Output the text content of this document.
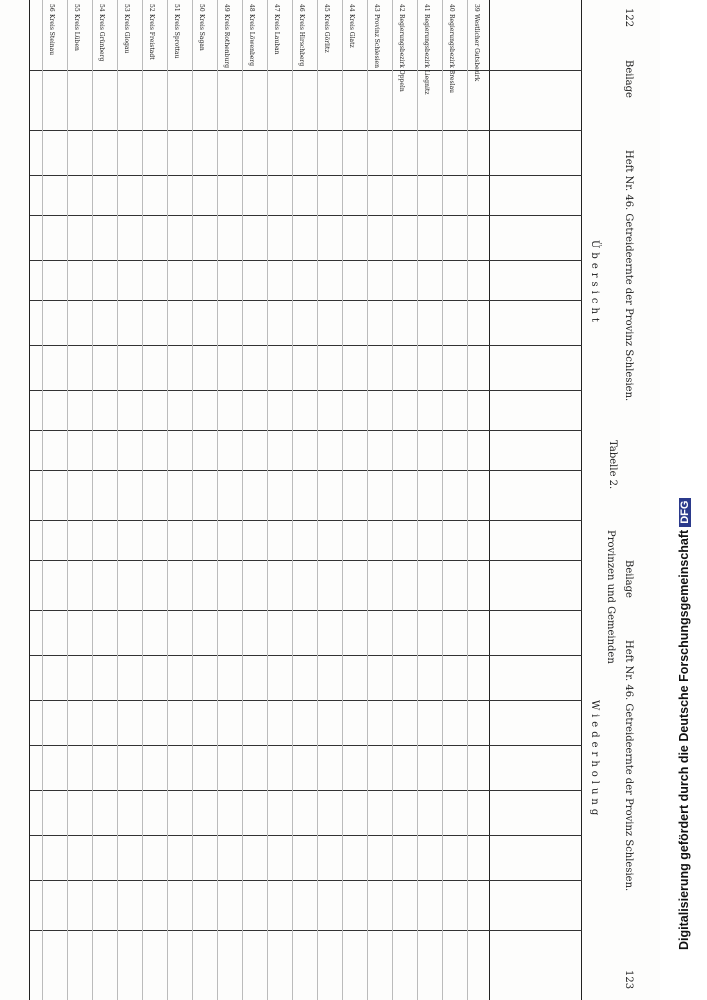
122
Beilage
Heft Nr. 46. Getreideernte der Provinz Schlesien.
Beilage
Heft Nr. 46. Getreideernte der Provinz Schlesien.
123
Tabelle 2.
Übersicht
Wiederholung
Provinzen und Gemeinden
39
Westlicher Gutsbezirk
40
Regierungsbezirk Breslau
41
Regierungsbezirk Liegnitz
42
Regierungsbezirk Oppeln
43
Provinz Schlesien
44
Kreis Glatz
45
Kreis Görlitz
46
Kreis Hirschberg
47
Kreis Lauban
48
Kreis Löwenberg
49
Kreis Rothenburg
50
Kreis Sagan
51
Kreis Sprottau
52
Kreis Freistadt
53
Kreis Glogau
54
Kreis Grünberg
55
Kreis Lüben
56
Kreis Steinau
Digitalisierung gefördert durch die Deutsche ForschungsgemeinschaftDFG
